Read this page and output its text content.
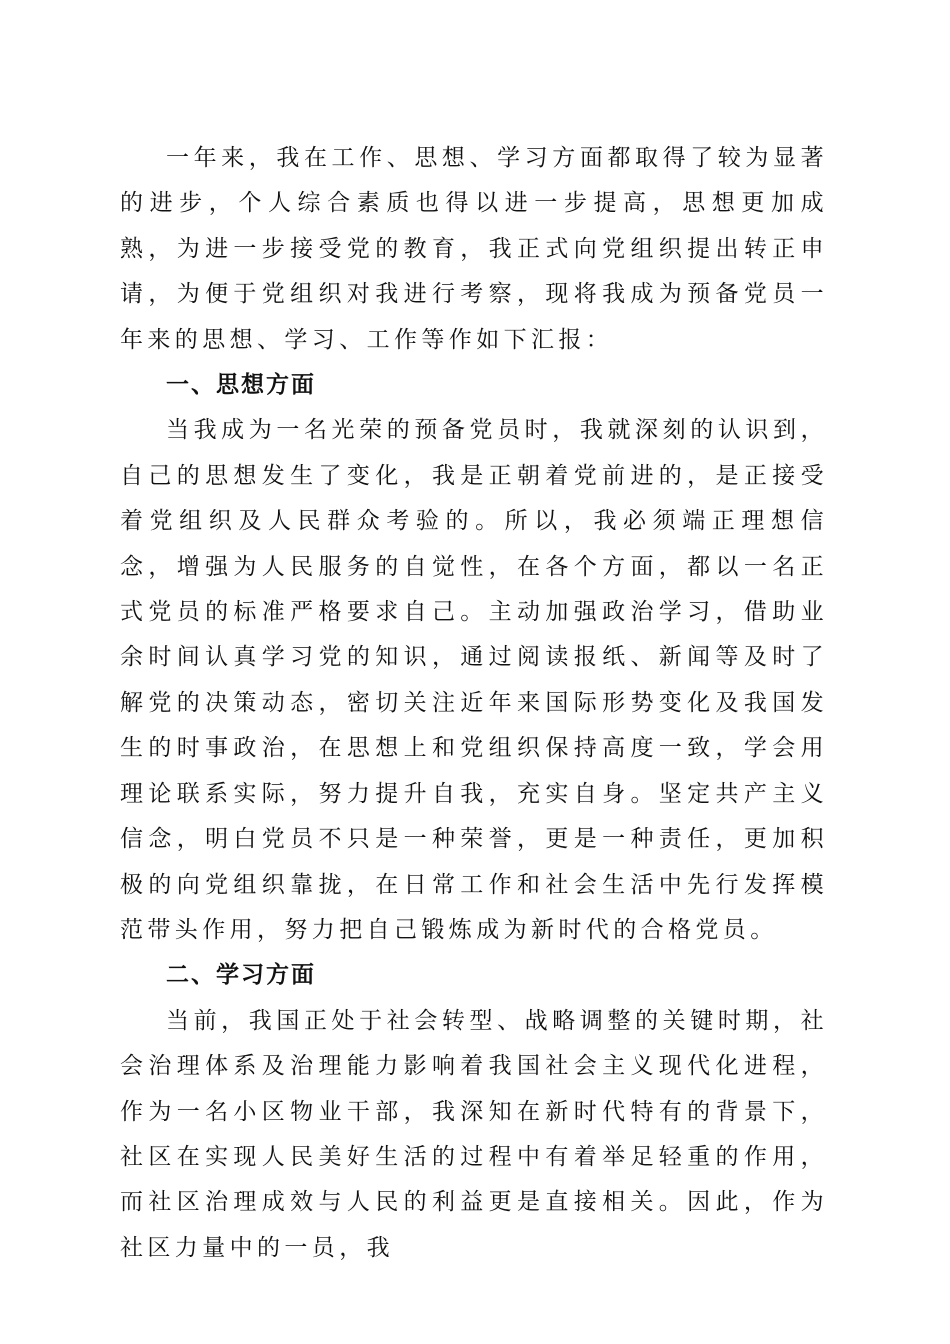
一年来，我在工作、思想、学习方面都取得了较为显著的进步，个人综合素质也得以进一步提高，思想更加成熟，为进一步接受党的教育，我正式向党组织提出转正申请，为便于党组织对我进行考察，现将我成为预备党员一年来的思想、学习、工作等作如下汇报：

一、思想方面

当我成为一名光荣的预备党员时，我就深刻的认识到，自己的思想发生了变化，我是正朝着党前进的，是正接受着党组织及人民群众考验的。所以，我必须端正理想信念，增强为人民服务的自觉性，在各个方面，都以一名正式党员的标准严格要求自己。主动加强政治学习，借助业余时间认真学习党的知识，通过阅读报纸、新闻等及时了解党的决策动态，密切关注近年来国际形势变化及我国发生的时事政治，在思想上和党组织保持高度一致，学会用理论联系实际，努力提升自我，充实自身。坚定共产主义信念，明白党员不只是一种荣誉，更是一种责任，更加积极的向党组织靠拢，在日常工作和社会生活中先行发挥模范带头作用，努力把自己锻炼成为新时代的合格党员。

二、学习方面

当前，我国正处于社会转型、战略调整的关键时期，社会治理体系及治理能力影响着我国社会主义现代化进程，作为一名小区物业干部，我深知在新时代特有的背景下，社区在实现人民美好生活的过程中有着举足轻重的作用，而社区治理成效与人民的利益更是直接相关。因此，作为社区力量中的一员，我
